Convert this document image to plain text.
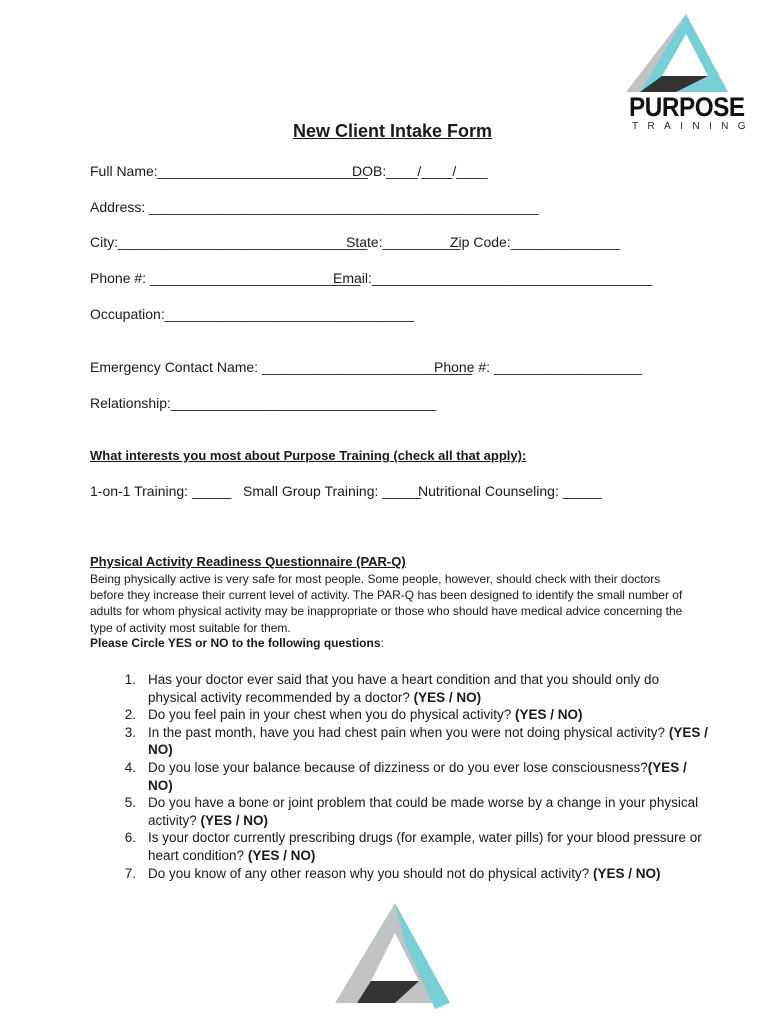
PURPOSE
TRAINING
New Client Intake Form
Full Name:___________________________
DOB:____/____/____
Address: __________________________________________________
City:________________________________
State:__________
Zip Code:______________
Phone #: ___________________________
Email:____________________________________
Occupation:________________________________
Emergency Contact Name: ___________________________
Phone #: ___________________
Relationship:__________________________________
What interests you most about Purpose Training (check all that apply):
1-on-1 Training: _____ Small Group Training: _____
Nutritional Counseling: _____
Physical Activity Readiness Questionnaire (PAR-Q)
Being physically active is very safe for most people. Some people, however, should check with their doctors before they increase their current level of activity. The PAR-Q has been designed to identify the small number of adults for whom physical activity may be inappropriate or those who should have medical advice concerning the type of activity most suitable for them.
Please Circle YES or NO to the following questions:
1. Has your doctor ever said that you have a heart condition and that you should only do physical activity recommended by a doctor? (YES / NO)
2. Do you feel pain in your chest when you do physical activity? (YES / NO)
3. In the past month, have you had chest pain when you were not doing physical activity? (YES / NO)
4. Do you lose your balance because of dizziness or do you ever lose consciousness?(YES / NO)
5. Do you have a bone or joint problem that could be made worse by a change in your physical activity? (YES / NO)
6. Is your doctor currently prescribing drugs (for example, water pills) for your blood pressure or heart condition? (YES / NO)
7. Do you know of any other reason why you should not do physical activity? (YES / NO)
